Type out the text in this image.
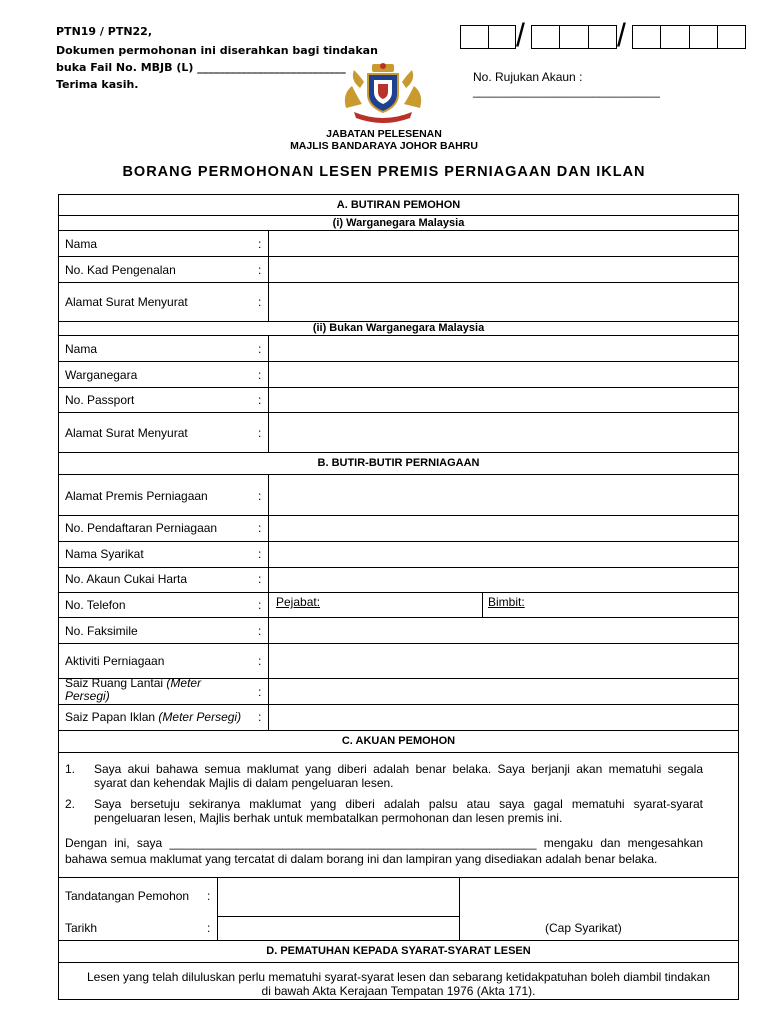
PTN19 / PTN22,
Dokumen permohonan ini diserahkan bagi tindakan
buka Fail No. MBJB (L) ___________________________
Terima kasih.
/	/
No. Rujukan Akaun : ____________________________
JABATAN PELESENAN
MAJLIS BANDARAYA JOHOR BAHRU
BORANG PERMOHONAN LESEN PREMIS PERNIAGAAN DAN IKLAN
A. BUTIRAN PEMOHON
(i) Warganegara Malaysia
Nama	:
No. Kad Pengenalan	:
Alamat Surat Menyurat	:
(ii) Bukan Warganegara Malaysia
Nama	:
Warganegara	:
No. Passport	:
Alamat Surat Menyurat	:
B. BUTIR-BUTIR PERNIAGAAN
Alamat Premis Perniagaan	:
No. Pendaftaran Perniagaan	:
Nama Syarikat	:
No. Akaun Cukai Harta	:
No. Telefon	: Pejabat:	Bimbit:
No. Faksimile	:
Aktiviti Perniagaan	:
Saiz Ruang Lantai (Meter
Persegi)	:
Saiz Papan Iklan (Meter Persegi) :
C. AKUAN PEMOHON
1. Saya akui bahawa semua maklumat yang diberi adalah benar belaka. Saya berjanji akan mematuhi segala
syarat dan kehendak Majlis di dalam pengeluaran lesen.
2. Saya bersetuju sekiranya maklumat yang diberi adalah palsu atau saya gagal mematuhi syarat-syarat
pengeluaran lesen, Majlis berhak untuk membatalkan permohonan dan lesen premis ini.
Dengan ini, saya _______________________________________________________ mengaku dan mengesahkan
bahawa semua maklumat yang tercatat di dalam borang ini dan lampiran yang disediakan adalah benar belaka.
Tandatangan Pemohon :
Tarikh	:	(Cap Syarikat)
D. PEMATUHAN KEPADA SYARAT-SYARAT LESEN
Lesen yang telah diluluskan perlu mematuhi syarat-syarat lesen dan sebarang ketidakpatuhan boleh diambil tindakan
di bawah Akta Kerajaan Tempatan 1976 (Akta 171).
